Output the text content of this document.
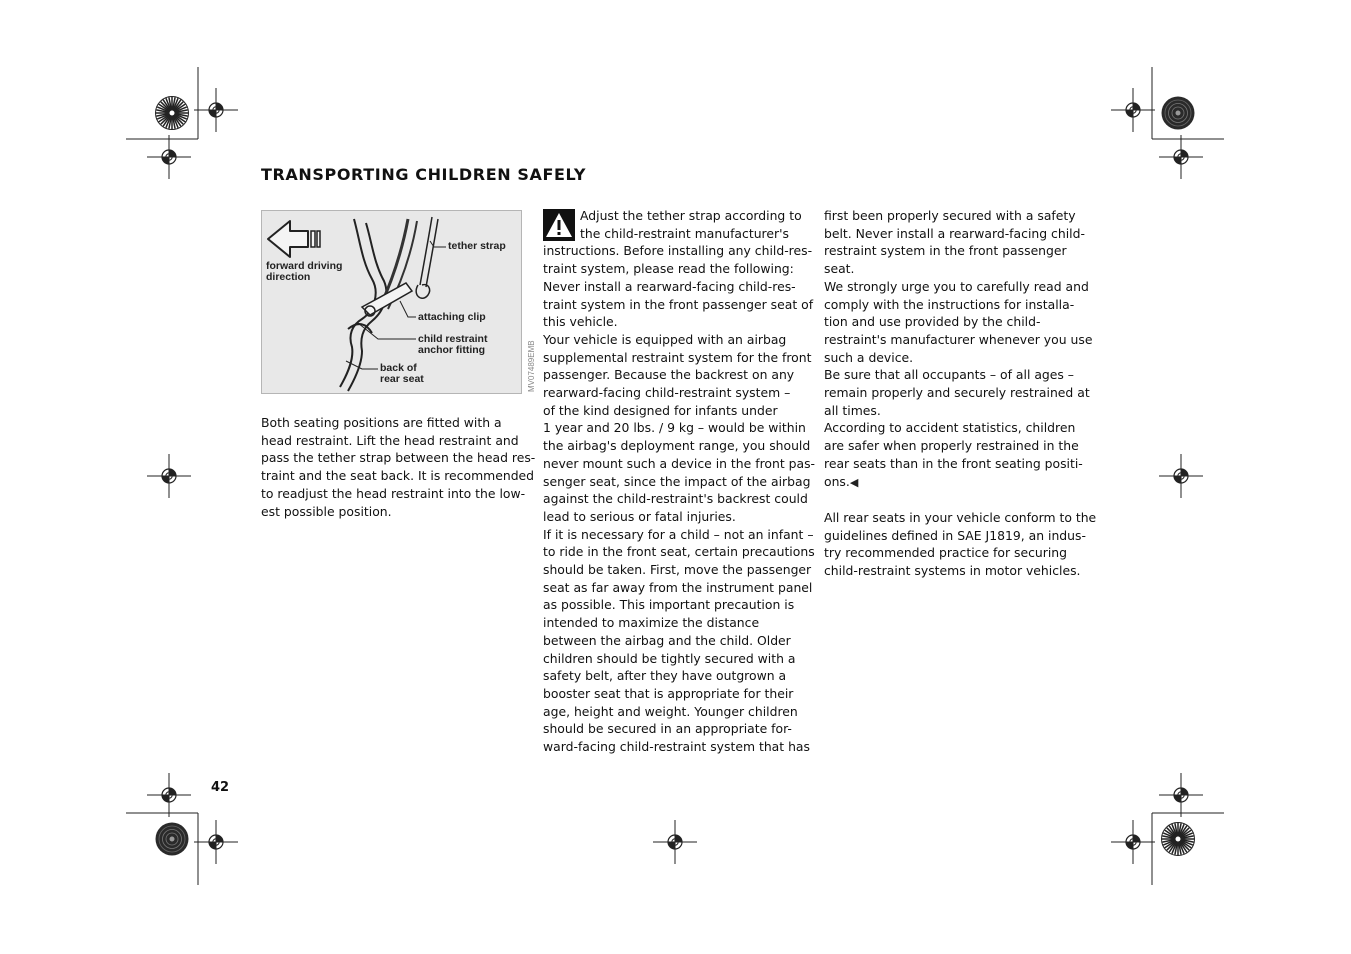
TRANSPORTING CHILDREN SAFELY
forward driving
direction
tether strap
attaching clip
child restraint
anchor fitting
back of
rear seat	MV07489EMB

Both seating positions are fitted with a
head restraint. Lift the head restraint and
pass the tether strap between the head res-
traint and the seat back. It is recommended
to readjust the head restraint into the low-
est possible position.

Adjust the tether strap according to
the child-restraint manufacturer's

instructions. Before installing any child-res-
traint system, please read the following:

Never install a rearward-facing child-res-
traint system in the front passenger seat of
this vehicle.

Your vehicle is equipped with an airbag
supplemental restraint system for the front
passenger. Because the backrest on any
rearward-facing child-restraint system –
of the kind designed for infants under
1 year and 20 lbs. / 9 kg – would be within
the airbag's deployment range, you should
never mount such a device in the front pas-
senger seat, since the impact of the airbag
against the child-restraint's backrest could
lead to serious or fatal injuries.

If it is necessary for a child – not an infant –
to ride in the front seat, certain precautions
should be taken. First, move the passenger
seat as far away from the instrument panel
as possible. This important precaution is
intended to maximize the distance
between the airbag and the child. Older
children should be tightly secured with a
safety belt, after they have outgrown a
booster seat that is appropriate for their
age, height and weight. Younger children
should be secured in an appropriate for-
ward-facing child-restraint system that has

first been properly secured with a safety
belt. Never install a rearward-facing child-
restraint system in the front passenger
seat.

We strongly urge you to carefully read and
comply with the instructions for installa-
tion and use provided by the child-
restraint's manufacturer whenever you use
such a device.

Be sure that all occupants – of all ages –
remain properly and securely restrained at
all times.

According to accident statistics, children
are safer when properly restrained in the
rear seats than in the front seating positi-
ons.◀

All rear seats in your vehicle conform to the
guidelines defined in SAE J1819, an indus-
try recommended practice for securing
child-restraint systems in motor vehicles.

42
